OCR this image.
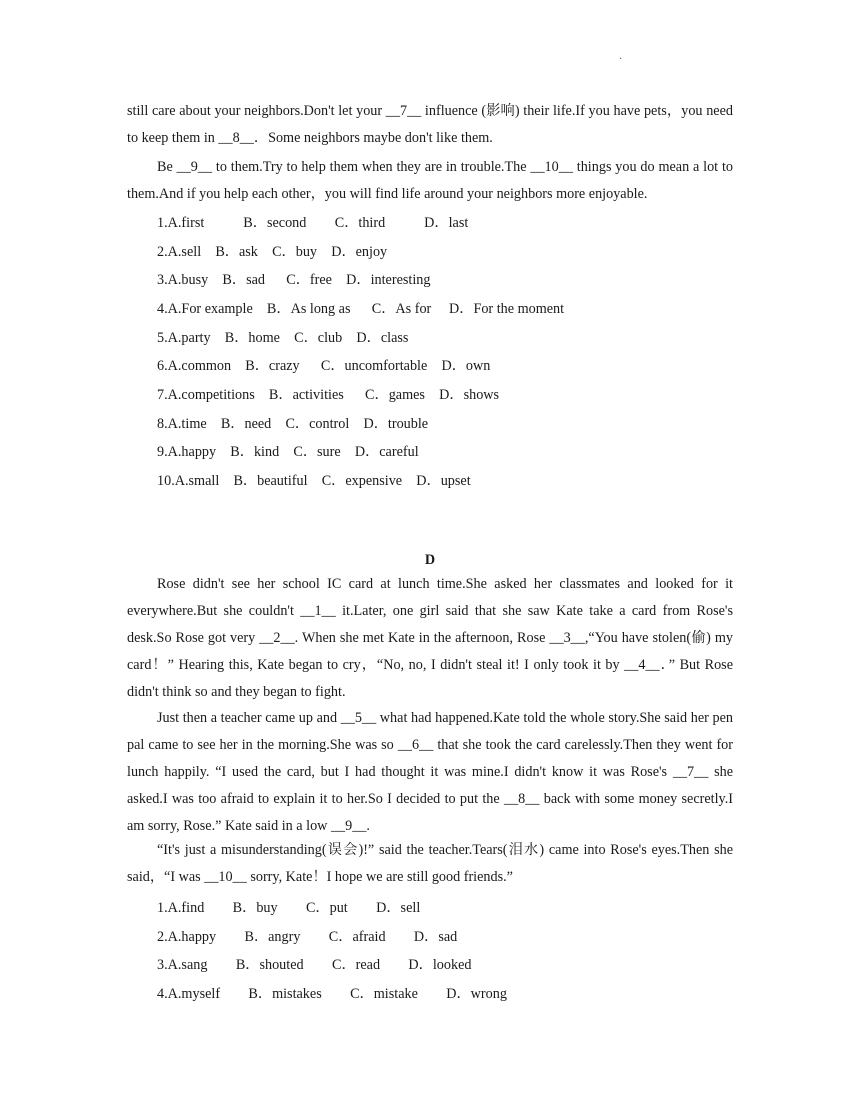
·

still care about your neighbors.Don't let your __7__ influence (影响) their life.If you have pets，you need to keep them in __8__．Some neighbors maybe don't like them.

Be __9__ to them.Try to help them when they are in trouble.The __10__ things you do mean a lot to them.And if you help each other，you will find life around your neighbors more enjoyable.

1.A.first           B．second        C．third           D．last
2.A.sell    B．ask    C．buy    D．enjoy
3.A.busy    B．sad      C．free    D．interesting
4.A.For example    B．As long as      C．As for     D．For the moment
5.A.party    B．home    C．club    D．class
6.A.common    B．crazy      C．uncomfortable    D．own
7.A.competitions    B．activities      C．games    D．shows
8.A.time    B．need    C．control    D．trouble
9.A.happy    B．kind    C．sure    D．careful
10.A.small    B．beautiful    C．expensive    D．upset
D

Rose didn't see her school IC card at lunch time.She asked her classmates and looked for it everywhere.But she couldn't __1__ it.Later, one girl said that she saw Kate take a card from Rose's desk.So Rose got very __2__. When she met Kate in the afternoon, Rose __3__,“You have stolen(偷) my card！” Hearing this, Kate began to cry，“No, no, I didn't steal it! I only took it by __4__．” But Rose didn't think so and they began to fight.

Just then a teacher came up and __5__ what had happened.Kate told the whole story.She said her pen pal came to see her in the morning.She was so __6__ that she took the card carelessly.Then they went for lunch happily. “I used the card, but I had thought it was mine.I didn't know it was Rose's __7__ she asked.I was too afraid to explain it to her.So I decided to put the __8__ back with some money secretly.I am sorry, Rose.” Kate said in a low __9__.

“It's just a misunderstanding(误会)!” said the teacher.Tears(泪水) came into Rose's eyes.Then she said，“I was __10__ sorry, Kate！I hope we are still good friends.”

1.A.find        B．buy        C．put        D．sell
2.A.happy        B．angry        C．afraid        D．sad
3.A.sang        B．shouted        C．read        D．looked
4.A.myself        B．mistakes        C．mistake        D．wrong
